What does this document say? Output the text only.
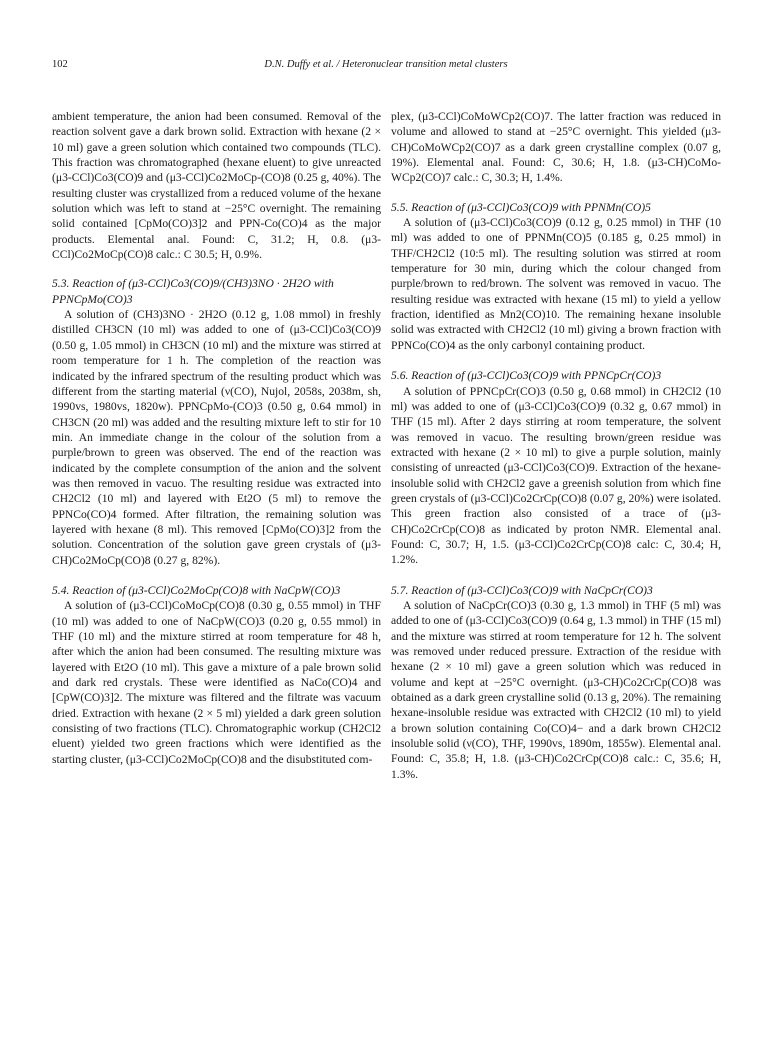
102	D.N. Duffy et al. / Heteronuclear transition metal clusters

ambient temperature, the anion had been consumed. Removal of the reaction solvent gave a dark brown solid. Extraction with hexane (2 × 10 ml) gave a green solution which contained two compounds (TLC). This fraction was chromatographed (hexane eluent) to give unreacted (μ3-CCl)Co3(CO)9 and (μ3-CCl)Co2MoCp-(CO)8 (0.25 g, 40%). The resulting cluster was crystallized from a reduced volume of the hexane solution which was left to stand at −25°C overnight. The remaining solid contained [CpMo(CO)3]2 and PPN-Co(CO)4 as the major products. Elemental anal. Found: C, 31.2; H, 0.8. (μ3-CCl)Co2MoCp(CO)8 calc.: C 30.5; H, 0.9%.

5.3. Reaction of (μ3-CCl)Co3(CO)9/(CH3)3NO · 2H2O with PPNCpMo(CO)3

A solution of (CH3)3NO · 2H2O (0.12 g, 1.08 mmol) in freshly distilled CH3CN (10 ml) was added to one of (μ3-CCl)Co3(CO)9 (0.50 g, 1.05 mmol) in CH3CN (10 ml) and the mixture was stirred at room temperature for 1 h. The completion of the reaction was indicated by the infrared spectrum of the resulting product which was different from the starting material (ν(CO), Nujol, 2058s, 2038m, sh, 1990vs, 1980vs, 1820w). PPNCpMo-(CO)3 (0.50 g, 0.64 mmol) in CH3CN (20 ml) was added and the resulting mixture left to stir for 10 min. An immediate change in the colour of the solution from a purple/brown to green was observed. The end of the reaction was indicated by the complete consumption of the anion and the solvent was then removed in vacuo. The resulting residue was extracted into CH2Cl2 (10 ml) and layered with Et2O (5 ml) to remove the PPNCo(CO)4 formed. After filtration, the remaining solution was layered with hexane (8 ml). This removed [CpMo(CO)3]2 from the solution. Concentration of the solution gave green crystals of (μ3-CH)Co2MoCp(CO)8 (0.27 g, 82%).

5.4. Reaction of (μ3-CCl)Co2MoCp(CO)8 with NaCpW(CO)3

A solution of (μ3-CCl)CoMoCp(CO)8 (0.30 g, 0.55 mmol) in THF (10 ml) was added to one of NaCpW(CO)3 (0.20 g, 0.55 mmol) in THF (10 ml) and the mixture stirred at room temperature for 48 h, after which the anion had been consumed. The resulting mixture was layered with Et2O (10 ml). This gave a mixture of a pale brown solid and dark red crystals. These were identified as NaCo(CO)4 and [CpW(CO)3]2. The mixture was filtered and the filtrate was vacuum dried. Extraction with hexane (2 × 5 ml) yielded a dark green solution consisting of two fractions (TLC). Chromatographic workup (CH2Cl2 eluent) yielded two green fractions which were identified as the starting cluster, (μ3-CCl)Co2MoCp(CO)8 and the disubstituted com-

plex, (μ3-CCl)CoMoWCp2(CO)7. The latter fraction was reduced in volume and allowed to stand at −25°C overnight. This yielded (μ3-CH)CoMoWCp2(CO)7 as a dark green crystalline complex (0.07 g, 19%). Elemental anal. Found: C, 30.6; H, 1.8. (μ3-CH)CoMo-WCp2(CO)7 calc.: C, 30.3; H, 1.4%.

5.5. Reaction of (μ3-CCl)Co3(CO)9 with PPNMn(CO)5

A solution of (μ3-CCl)Co3(CO)9 (0.12 g, 0.25 mmol) in THF (10 ml) was added to one of PPNMn(CO)5 (0.185 g, 0.25 mmol) in THF/CH2Cl2 (10:5 ml). The resulting solution was stirred at room temperature for 30 min, during which the colour changed from purple/brown to red/brown. The solvent was removed in vacuo. The resulting residue was extracted with hexane (15 ml) to yield a yellow fraction, identified as Mn2(CO)10. The remaining hexane insoluble solid was extracted with CH2Cl2 (10 ml) giving a brown fraction with PPNCo(CO)4 as the only carbonyl containing product.

5.6. Reaction of (μ3-CCl)Co3(CO)9 with PPNCpCr(CO)3

A solution of PPNCpCr(CO)3 (0.50 g, 0.68 mmol) in CH2Cl2 (10 ml) was added to one of (μ3-CCl)Co3(CO)9 (0.32 g, 0.67 mmol) in THF (15 ml). After 2 days stirring at room temperature, the solvent was removed in vacuo. The resulting brown/green residue was extracted with hexane (2 × 10 ml) to give a purple solution, mainly consisting of unreacted (μ3-CCl)Co3(CO)9. Extraction of the hexane-insoluble solid with CH2Cl2 gave a greenish solution from which fine green crystals of (μ3-CCl)Co2CrCp(CO)8 (0.07 g, 20%) were isolated. This green fraction also consisted of a trace of (μ3-CH)Co2CrCp(CO)8 as indicated by proton NMR. Elemental anal. Found: C, 30.7; H, 1.5. (μ3-CCl)Co2CrCp(CO)8 calc: C, 30.4; H, 1.2%.

5.7. Reaction of (μ3-CCl)Co3(CO)9 with NaCpCr(CO)3

A solution of NaCpCr(CO)3 (0.30 g, 1.3 mmol) in THF (5 ml) was added to one of (μ3-CCl)Co3(CO)9 (0.64 g, 1.3 mmol) in THF (15 ml) and the mixture was stirred at room temperature for 12 h. The solvent was removed under reduced pressure. Extraction of the residue with hexane (2 × 10 ml) gave a green solution which was reduced in volume and kept at −25°C overnight. (μ3-CH)Co2CrCp(CO)8 was obtained as a dark green crystalline solid (0.13 g, 20%). The remaining hexane-insoluble residue was extracted with CH2Cl2 (10 ml) to yield a brown solution containing Co(CO)4− and a dark brown CH2Cl2 insoluble solid (ν(CO), THF, 1990vs, 1890m, 1855w). Elemental anal. Found: C, 35.8; H, 1.8. (μ3-CH)Co2CrCp(CO)8 calc.: C, 35.6; H, 1.3%.
